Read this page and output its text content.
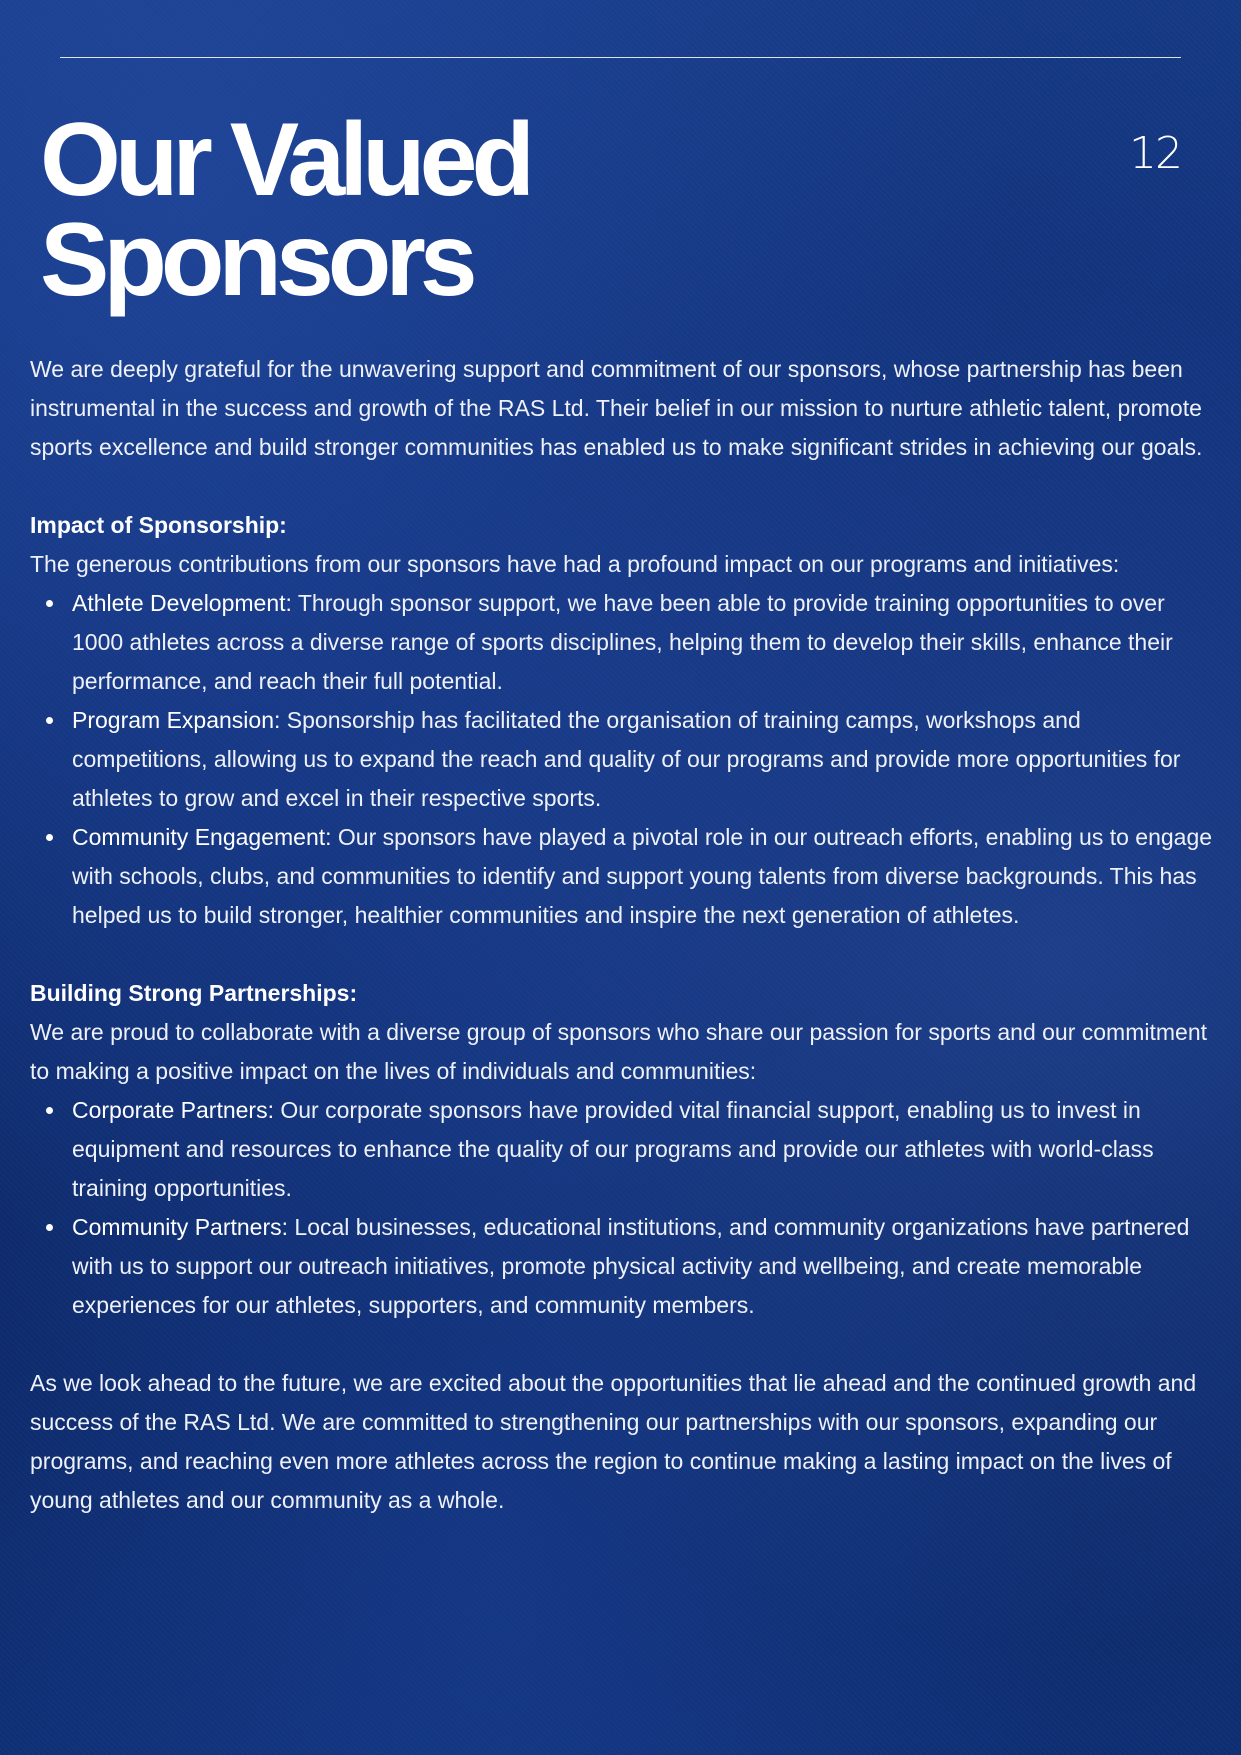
Our Valued
Sponsors
12

We are deeply grateful for the unwavering support and commitment of our sponsors, whose partnership has been instrumental in the success and growth of the RAS Ltd. Their belief in our mission to nurture athletic talent, promote sports excellence and build stronger communities has enabled us to make significant strides in achieving our goals.

Impact of Sponsorship:

The generous contributions from our sponsors have had a profound impact on our programs and initiatives:

Athlete Development: Through sponsor support, we have been able to provide training opportunities to over 1000 athletes across a diverse range of sports disciplines, helping them to develop their skills, enhance their performance, and reach their full potential.
Program Expansion: Sponsorship has facilitated the organisation of training camps, workshops and competitions, allowing us to expand the reach and quality of our programs and provide more opportunities for athletes to grow and excel in their respective sports.
Community Engagement: Our sponsors have played a pivotal role in our outreach efforts, enabling us to engage with schools, clubs, and communities to identify and support young talents from diverse backgrounds. This has helped us to build stronger, healthier communities and inspire the next generation of athletes.

Building Strong Partnerships:

We are proud to collaborate with a diverse group of sponsors who share our passion for sports and our commitment to making a positive impact on the lives of individuals and communities:

Corporate Partners: Our corporate sponsors have provided vital financial support, enabling us to invest in equipment and resources to enhance the quality of our programs and provide our athletes with world-class training opportunities.
Community Partners: Local businesses, educational institutions, and community organizations have partnered with us to support our outreach initiatives, promote physical activity and wellbeing, and create memorable experiences for our athletes, supporters, and community members.

As we look ahead to the future, we are excited about the opportunities that lie ahead and the continued growth and success of the RAS Ltd. We are committed to strengthening our partnerships with our sponsors, expanding our programs, and reaching even more athletes across the region to continue making a lasting impact on the lives of young athletes and our community as a whole.
